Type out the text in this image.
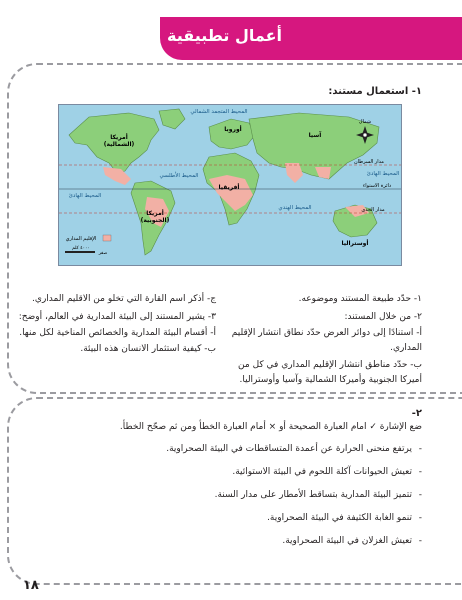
أعمال تطبيقية
١- استعمال مستند:
المحيط المتجمد الشمالي
المحيط الأطلسي
المحيط الهادئ
المحيط الهادئ
المحيط الهندي
أمريكا (الشمالية)
أمريكا (الجنوبية)
أوروبا
آسيا
أفريقيا
أوستراليا
مدار السرطان
دائرة الاستواء
مدار الجدي
شمال
الإقليم المداري
٤٠٠٠ كلم
صفر
١- حدّد طبيعة المستند وموضوعه.
٢- من خلال المستند:
أ- استنادًا إلى دوائر العرض حدّد نطاق انتشار الإقليم المداري.
ب- حدّد مناطق انتشار الإقليم المداري في كل من أميركا الجنوبية وأميركا الشمالية وآسيا وأوستراليا.
ج- أذكر اسم القارة التي تخلو من الاقليم المداري.
٣- يشير المستند إلى البيئة المدارية في العالم، أوضح:
أ- أقسام البيئة المدارية والخصائص المناخية لكل منها.
ب- كيفية استثمار الانسان هذه البيئة.
٢-
ضع الإشارة ✓ امام العبارة الصحيحة أو × أمام العبارة الخطأ ومن ثم صحّح الخطأ.
- يرتفع منحنى الحرارة عن أعمدة المتساقطات في البيئة الصحراوية.
- تعيش الحيوانات آكلة اللحوم في البيئة الاستوائية.
- تتميز البيئة المدارية بتساقط الأمطار على مدار السنة.
- تنمو الغابة الكثيفة في البيئة الصحراوية.
- تعيش الغزلان في البيئة الصحراوية.
١٨
